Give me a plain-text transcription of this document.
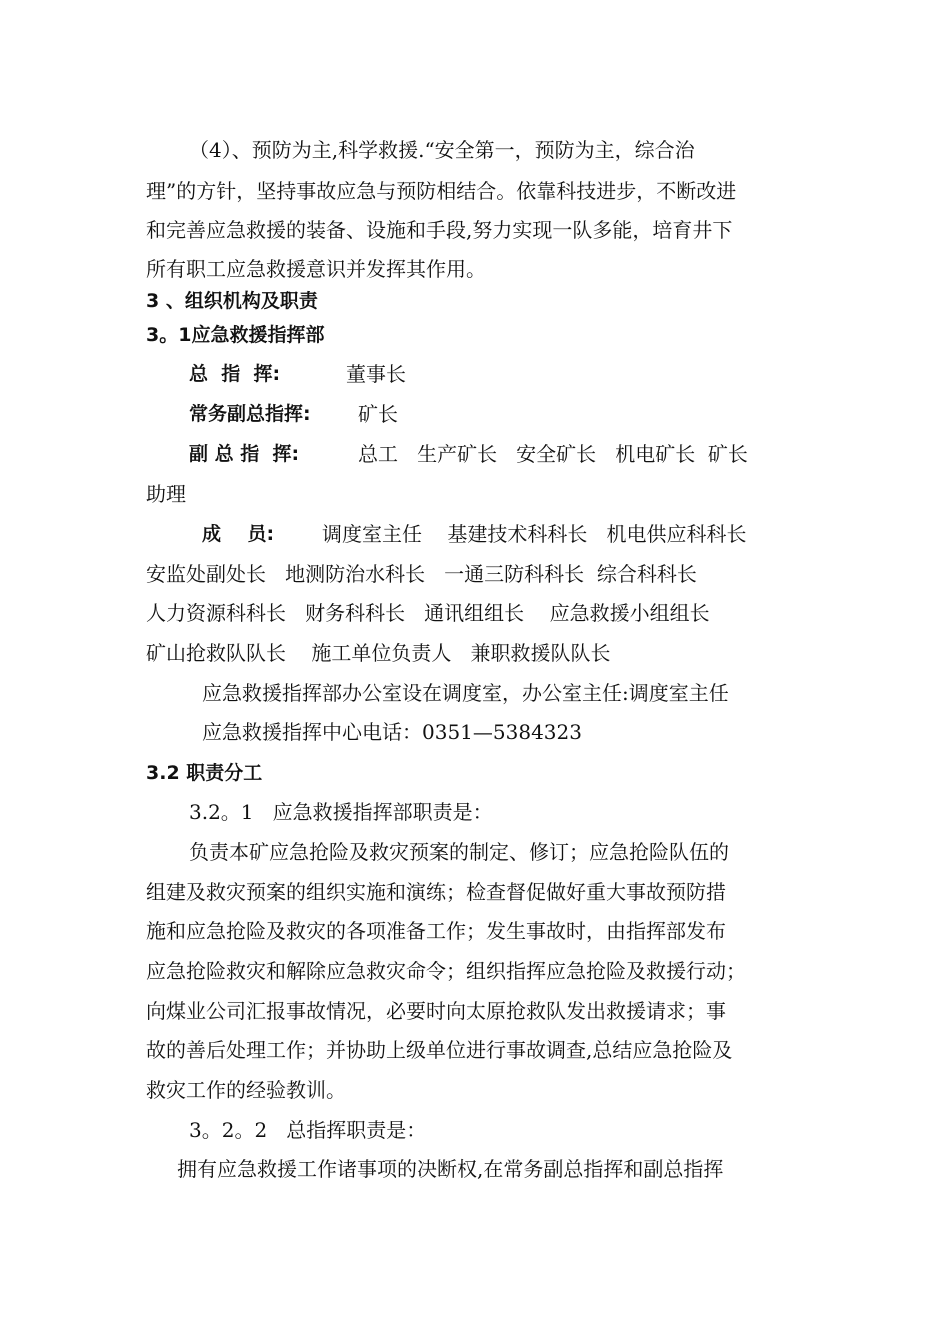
（4）、预防为主,科学救援.“安全第一，预防为主，综合治
理”的方针，坚持事故应急与预防相结合。依靠科技进步，不断改进
和完善应急救援的装备、设施和手段,努力实现一队多能，培育井下
所有职工应急救援意识并发挥其作用。
3 、组织机构及职责
3。1应急救援指挥部
总  指  挥:	董事长
常务副总指挥: 矿长
副 总 指  挥:	总工   生产矿长   安全矿长   机电矿长  矿长
助理
成    员: 调度室主任    基建技术科科长   机电供应科科长
安监处副处长   地测防治水科长   一通三防科科长  综合科科长
人力资源科科长   财务科科长   通讯组组长    应急救援小组组长
矿山抢救队队长    施工单位负责人   兼职救援队队长
应急救援指挥部办公室设在调度室，办公室主任:调度室主任
应急救援指挥中心电话：0351—5384323
3.2 职责分工
3.2。1   应急救援指挥部职责是：
负责本矿应急抢险及救灾预案的制定、修订；应急抢险队伍的
组建及救灾预案的组织实施和演练；检查督促做好重大事故预防措
施和应急抢险及救灾的各项准备工作；发生事故时，由指挥部发布
应急抢险救灾和解除应急救灾命令；组织指挥应急抢险及救援行动；
向煤业公司汇报事故情况，必要时向太原抢救队发出救援请求；事
故的善后处理工作；并协助上级单位进行事故调查,总结应急抢险及
救灾工作的经验教训。
3。2。2   总指挥职责是：
拥有应急救援工作诸事项的决断权,在常务副总指挥和副总指挥
